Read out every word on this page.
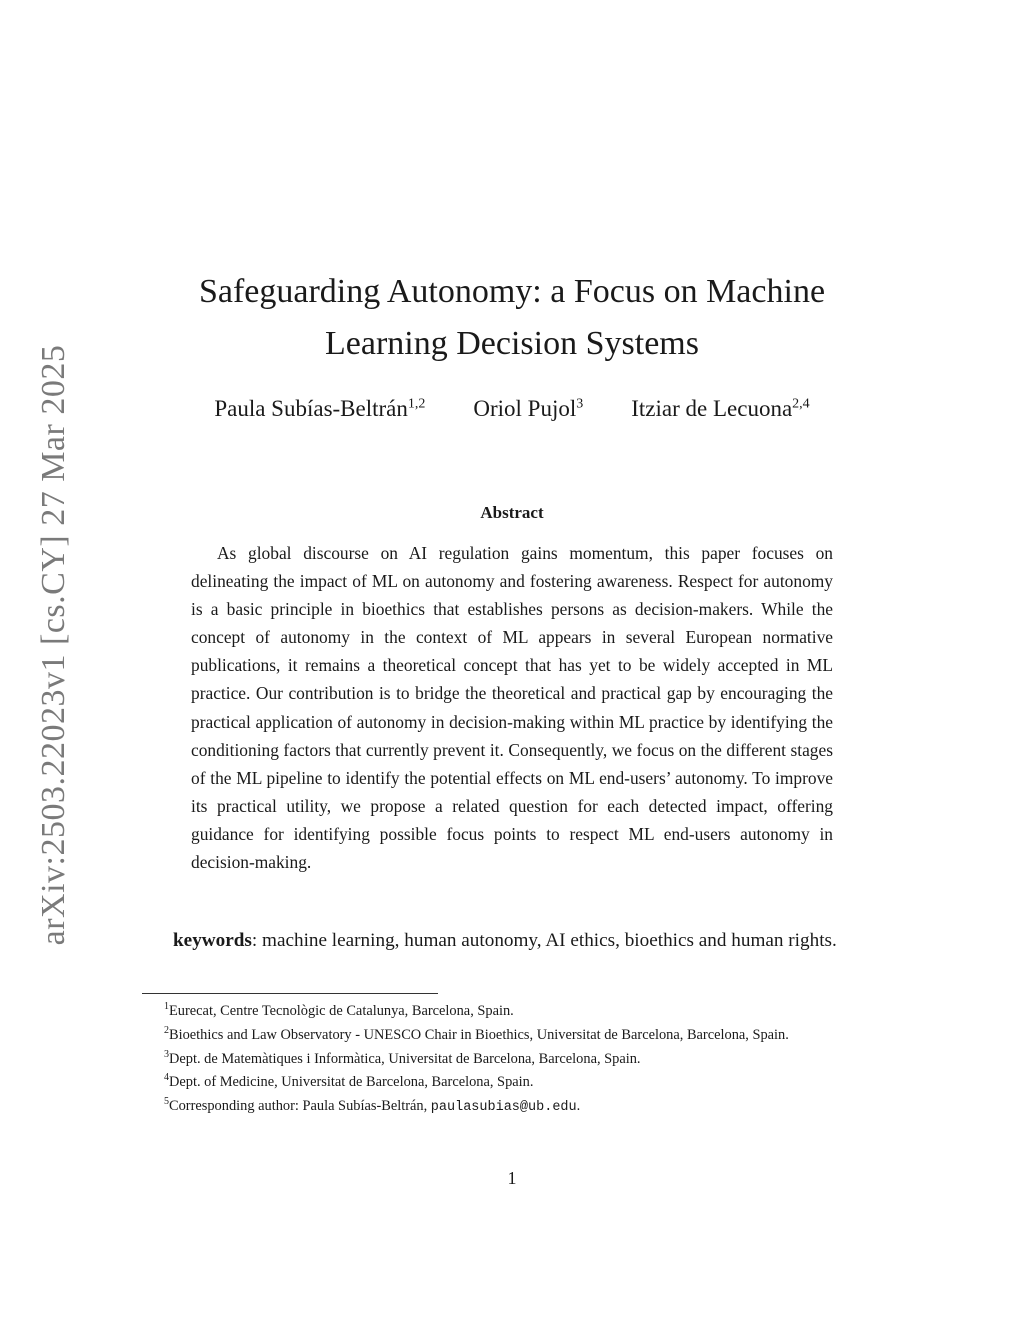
arXiv:2503.22023v1 [cs.CY] 27 Mar 2025
Safeguarding Autonomy: a Focus on Machine
Learning Decision Systems
Paula Subías-Beltrán$^{1,2}$ Oriol Pujol$^3$ Itziar de Lecuona$^{2,4}$
Abstract

As global discourse on AI regulation gains momentum, this paper focuses on delineating the impact of ML on autonomy and fostering awareness. Respect for autonomy is a basic principle in bioethics that establishes persons as decision-makers. While the concept of autonomy in the context of ML appears in several European normative publications, it remains a theoretical concept that has yet to be widely accepted in ML practice. Our contribution is to bridge the theoretical and practical gap by encouraging the practical application of autonomy in decision-making within ML practice by identifying the conditioning factors that currently prevent it. Consequently, we focus on the different stages of the ML pipeline to identify the potential effects on ML end-users’ autonomy. To improve its practical utility, we propose a related question for each detected impact, offering guidance for identifying possible focus points to respect ML end-users autonomy in decision-making.

keywords: machine learning, human autonomy, AI ethics, bioethics and human rights.

$^1$Eurecat, Centre Tecnològic de Catalunya, Barcelona, Spain.

$^2$Bioethics and Law Observatory - UNESCO Chair in Bioethics, Universitat de Barcelona, Barcelona, Spain.

$^3$Dept. de Matemàtiques i Informàtica, Universitat de Barcelona, Barcelona, Spain.

$^4$Dept. of Medicine, Universitat de Barcelona, Barcelona, Spain.

$^5$Corresponding author: Paula Subías-Beltrán, paulasubias@ub.edu.

1
